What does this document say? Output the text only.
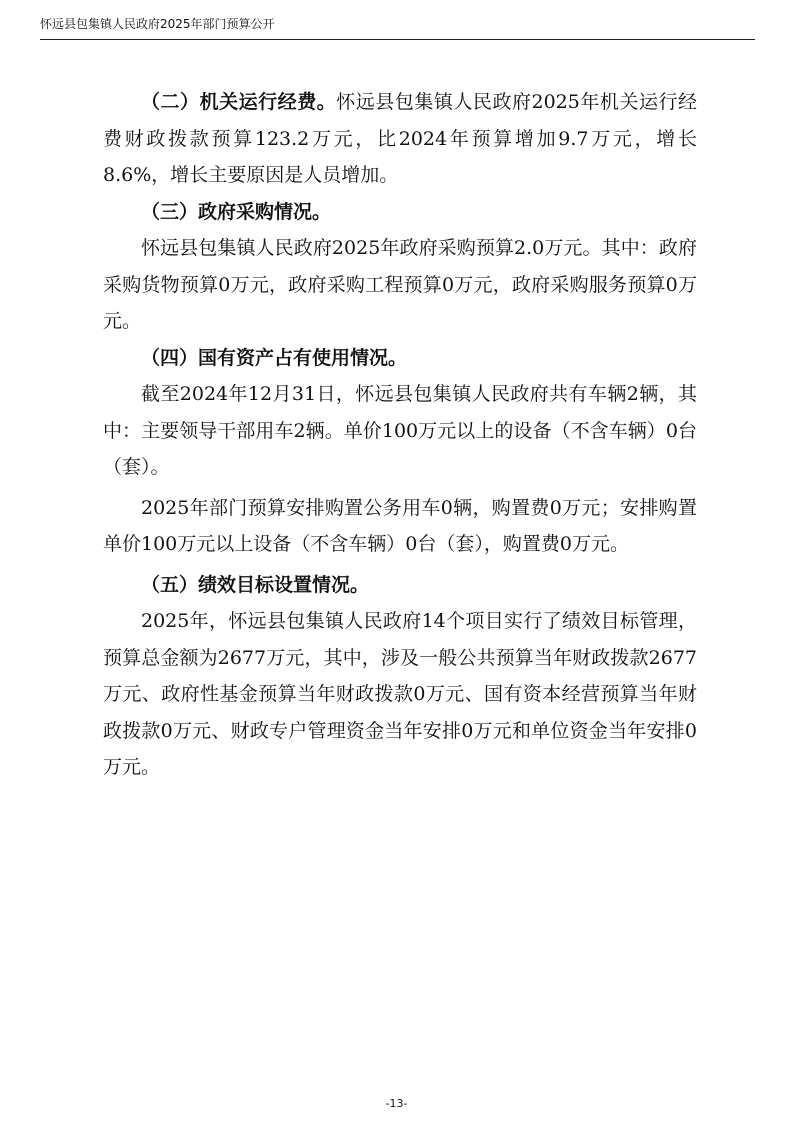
怀远县包集镇人民政府2025年部门预算公开

（二）机关运行经费。怀远县包集镇人民政府2025年机关运行经费财政拨款预算123.2万元，比2024年预算增加9.7万元，增长8.6%，增长主要原因是人员增加。

（三）政府采购情况。

怀远县包集镇人民政府2025年政府采购预算2.0万元。其中：政府采购货物预算0万元，政府采购工程预算0万元，政府采购服务预算0万元。

（四）国有资产占有使用情况。

截至2024年12月31日，怀远县包集镇人民政府共有车辆2辆，其中：主要领导干部用车2辆。单价100万元以上的设备（不含车辆）0台（套）。

2025年部门预算安排购置公务用车0辆，购置费0万元；安排购置单价100万元以上设备（不含车辆）0台（套），购置费0万元。

（五）绩效目标设置情况。

2025年，怀远县包集镇人民政府14个项目实行了绩效目标管理，预算总金额为2677万元，其中，涉及一般公共预算当年财政拨款2677万元、政府性基金预算当年财政拨款0万元、国有资本经营预算当年财政拨款0万元、财政专户管理资金当年安排0万元和单位资金当年安排0万元。

-13-
